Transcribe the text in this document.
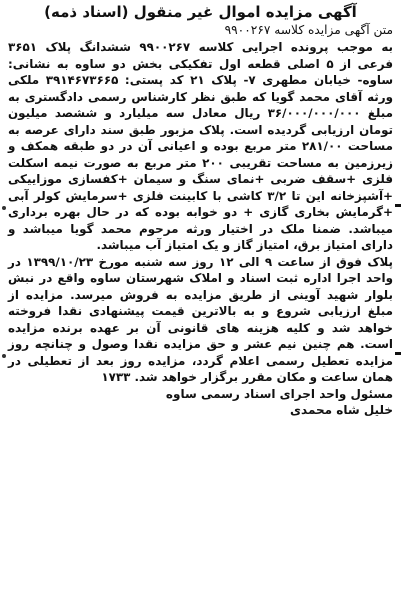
آگهی مزایده اموال غیر منقول (اسناد ذمه)

متن آگهی مزایده کلاسه ۹۹۰۰۲۶۷

به موجب پرونده اجرایی کلاسه ۹۹۰۰۲۶۷ ششدانگ پلاک ۳۶۵۱ فرعی از ۵ اصلی قطعه اول تفکیکی بخش دو ساوه به نشانی: ساوه- خیابان مطهری ۷- پلاک ۲۱ کد پستی: ۳۹۱۴۶۷۳۶۶۵ ملکی ورثه آقای محمد گویا که طبق نظر کارشناس رسمی دادگستری به مبلغ ۳۶/۰۰۰/۰۰۰/۰۰۰ ریال معادل سه میلیارد و ششصد میلیون تومان ارزیابی گردیده است. پلاک مزبور طبق سند دارای عرصه به مساحت ۲۸۱/۰۰ متر مربع بوده و اعیانی آن در دو طبقه همکف و زیرزمین به مساحت تقریبی ۲۰۰ متر مربع به صورت نیمه اسکلت فلزی +سقف ضربی +نمای سنگ و سیمان +کفسازی موزاییکی +آشپزخانه این تا ۳/۲ کاشی با کابینت فلزی +سرمایش کولر آبی +گرمایش بخاری گازی + دو خوابه بوده که در حال بهره برداری میباشد. ضمنا ملک در اختیار ورثه مرحوم محمد گویا میباشد و دارای امتیاز برق، امتیاز گاز و یک امتیاز آب میباشد.

پلاک فوق از ساعت ۹ الی ۱۲ روز سه شنبه مورخ ۱۳۹۹/۱۰/۲۳ در واحد اجرا اداره ثبت اسناد و املاک شهرستان ساوه واقع در نبش بلوار شهید آوینی از طریق مزایده به فروش میرسد. مزایده از مبلغ ارزیابی شروع و به بالاترین قیمت پیشنهادی نقدا فروخته خواهد شد و کلیه هزینه های قانونی آن بر عهده برنده مزایده است. هم چنین نیم عشر و حق مزایده نقدا وصول و چنانچه روز مزایده تعطیل رسمی اعلام گردد، مزایده روز بعد از تعطیلی در همان ساعت و مکان مقرر برگزار خواهد شد. ۱۷۳۳

مسئول واحد اجرای اسناد رسمی ساوه

خلیل شاه محمدی
